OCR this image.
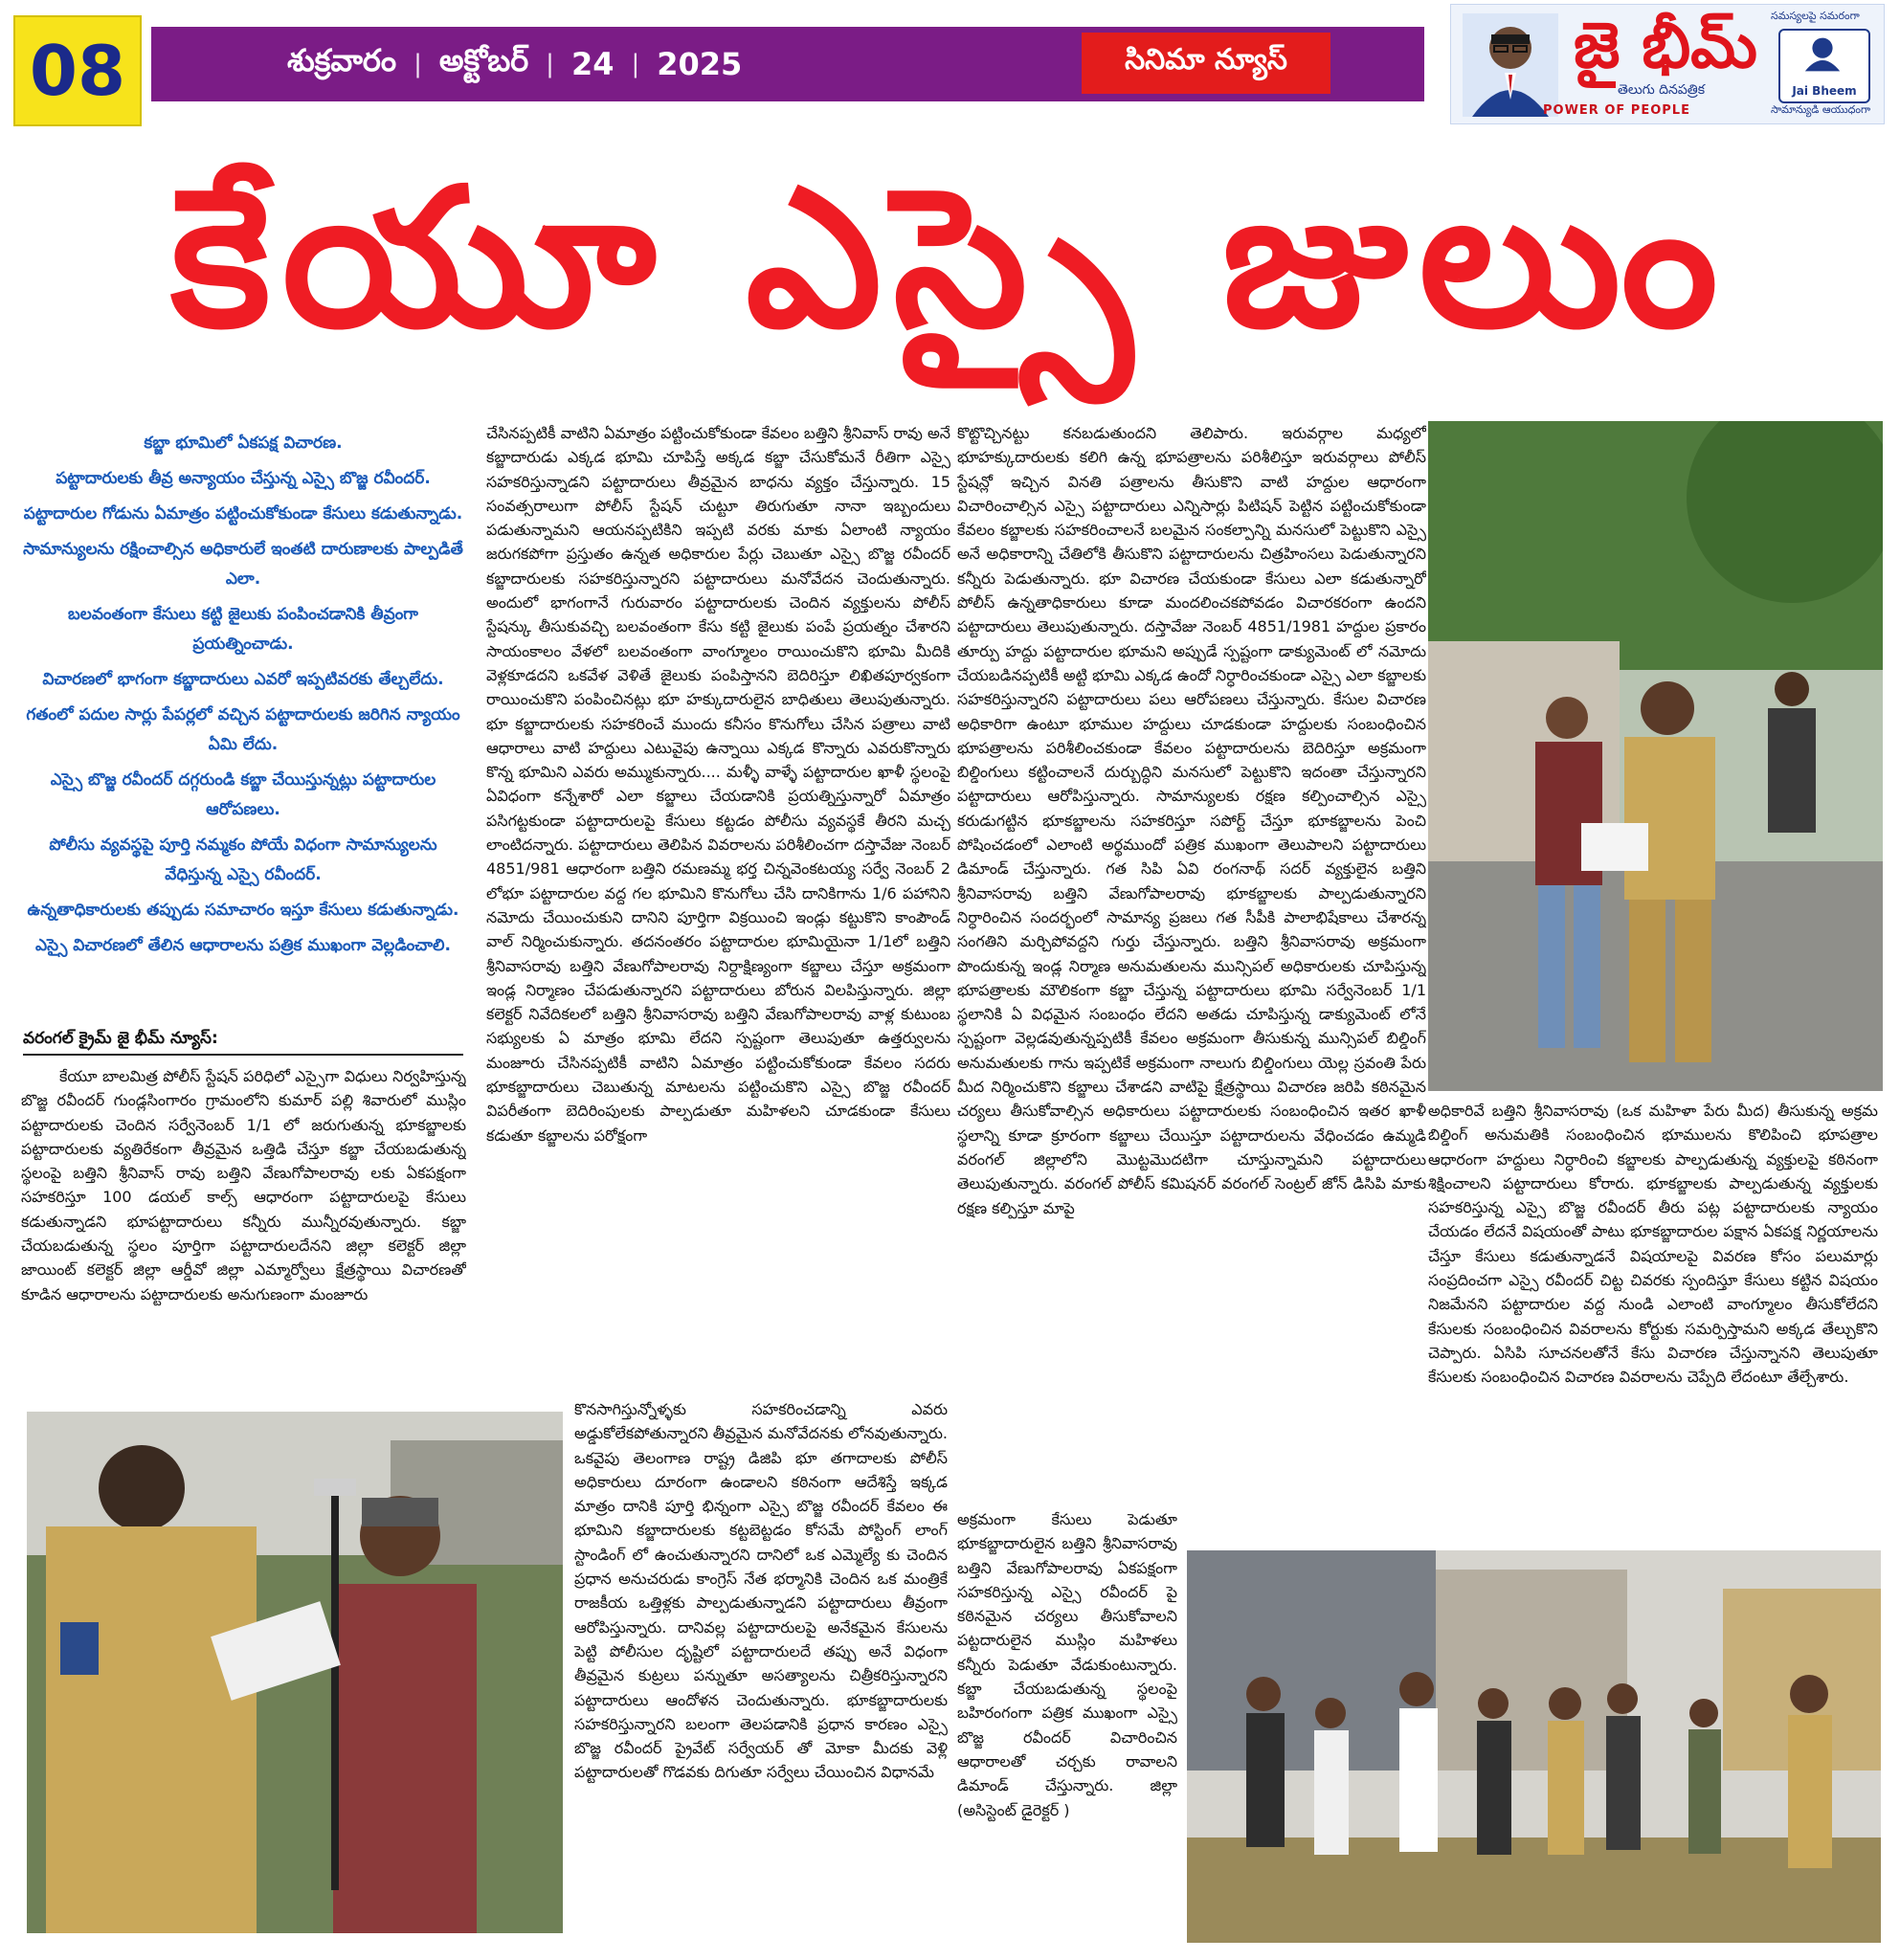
08	శుక్రవారం | అక్టోబర్ | 24 | 2025	సినిమా న్యూస్	జై భీమ్
తెలుగు దినపత్రిక
POWER OF PEOPLE
సమస్యలపై సమరంగా
సామాన్యుడి ఆయుధంగా
Jai Bheem
కేయూ ఎస్సై జులుం

కబ్జా భూమిలో ఏకపక్ష విచారణ.

పట్టాదారులకు తీవ్ర అన్యాయం చేస్తున్న ఎస్సై బొజ్జ రవీందర్.

పట్టాదారుల గోడును ఏమాత్రం పట్టించుకోకుండా కేసులు కడుతున్నాడు.

సామాన్యులను రక్షించాల్సిన అధికారులే ఇంతటి దారుణాలకు పాల్పడితే ఎలా.

బలవంతంగా కేసులు కట్టి జైలుకు పంపించడానికి తీవ్రంగా ప్రయత్నించాడు.

విచారణలో భాగంగా కబ్జాదారులు ఎవరో ఇప్పటివరకు తేల్చలేదు.

గతంలో పదుల సార్లు పేపర్లలో వచ్చిన పట్టాదారులకు జరిగిన న్యాయం ఏమి లేదు.

ఎస్సై బొజ్జ రవీందర్ దగ్గరుండి కబ్జా చేయిస్తున్నట్లు పట్టాదారుల ఆరోపణలు.

పోలీసు వ్యవస్థపై పూర్తి నమ్మకం పోయే విధంగా సామాన్యులను వేధిస్తున్న ఎస్సై రవీందర్.

ఉన్నతాధికారులకు తప్పుడు సమాచారం ఇస్తూ కేసులు కడుతున్నాడు.

ఎస్సై విచారణలో తేలిన ఆధారాలను పత్రిక ముఖంగా వెల్లడించాలి.

వరంగల్ క్రైమ్ జై భీమ్ న్యూస్:
కేయూ బాలమిత్ర పోలీస్ స్టేషన్ పరిధిలో ఎస్సైగా విధులు నిర్వహిస్తున్న బొజ్జ రవీందర్ గుండ్లసింగారం గ్రామంలోని కుమార్ పల్లి శివారులో ముస్లిం పట్టాదారులకు చెందిన సర్వేనెంబర్ 1/1 లో జరుగుతున్న భూకబ్జాలకు పట్టాదారులకు వ్యతిరేకంగా తీవ్రమైన ఒత్తిడి చేస్తూ కబ్జా చేయబడుతున్న స్థలంపై బత్తిని శ్రీనివాస్ రావు బత్తిని వేణుగోపాలరావు లకు ఏకపక్షంగా సహకరిస్తూ 100 డయల్ కాల్స్ ఆధారంగా పట్టాదారులపై కేసులు కడుతున్నాడని భూపట్టాదారులు కన్నీరు మున్నీరవుతున్నారు. కబ్జా చేయబడుతున్న స్థలం పూర్తిగా పట్టాదారులదేనని జిల్లా కలెక్టర్ జిల్లా జాయింట్ కలెక్టర్ జిల్లా ఆర్డీవో జిల్లా ఎమ్మార్వోలు క్షేత్రస్థాయి విచారణతో కూడిన ఆధారాలను పట్టాదారులకు అనుగుణంగా మంజూరు
చేసినప్పటికీ వాటిని ఏమాత్రం పట్టించుకోకుండా కేవలం బత్తిని శ్రీనివాస్ రావు అనే కబ్జాదారుడు ఎక్కడ భూమి చూపిస్తే అక్కడ కబ్జా చేసుకోమనే రీతిగా ఎస్సై సహకరిస్తున్నాడని పట్టాదారులు తీవ్రమైన బాధను వ్యక్తం చేస్తున్నారు. 15 సంవత్సరాలుగా పోలీస్ స్టేషన్ చుట్టూ తిరుగుతూ నానా ఇబ్బందులు పడుతున్నామని ఆయనప్పటికిని ఇప్పటి వరకు మాకు ఏలాంటి న్యాయం జరుగకపోగా ప్రస్తుతం ఉన్నత అధికారుల పేర్లు చెబుతూ ఎస్సై బొజ్జ రవీందర్ కబ్జాదారులకు సహకరిస్తున్నారని పట్టాదారులు మనోవేదన చెందుతున్నారు. అందులో భాగంగానే గురువారం పట్టాదారులకు చెందిన వ్యక్తులను పోలీస్ స్టేషన్కు తీసుకువచ్చి బలవంతంగా కేసు కట్టి జైలుకు పంపే ప్రయత్నం చేశారని సాయంకాలం వేళలో బలవంతంగా వాంగ్మూలం రాయించుకొని భూమి మీదికి వెళ్లకూడదని ఒకవేళ వెళితే జైలుకు పంపిస్తానని బెదిరిస్తూ లిఖితపూర్వకంగా రాయించుకొని పంపించినట్లు భూ హక్కుదారులైన బాధితులు తెలుపుతున్నారు. భూ కబ్జాదారులకు సహకరించే ముందు కనీసం కొనుగోలు చేసిన పత్రాలు వాటి ఆధారాలు వాటి హద్దులు ఎటువైపు ఉన్నాయి ఎక్కడ కొన్నారు ఎవరుకొన్నారు కొన్న భూమిని ఎవరు అమ్ముకున్నారు.... మళ్ళీ వాళ్ళే పట్టాదారుల ఖాళీ స్థలంపై ఏవిధంగా కన్నేశారో ఎలా కబ్జాలు చేయడానికి ప్రయత్నిస్తున్నారో ఏమాత్రం పసిగట్టకుండా పట్టాదారులపై కేసులు కట్టడం పోలీసు వ్యవస్థకే తీరని మచ్చ లాంటిదన్నారు. పట్టాదారులు తెలిపిన వివరాలను పరిశీలించగా దస్తావేజు నెంబర్ 4851/981 ఆధారంగా బత్తిని రమణమ్మ భర్త చిన్నవెంకటయ్య సర్వే నెంబర్ 2 లోభూ పట్టాదారుల వద్ద గల భూమిని కొనుగోలు చేసి దానికిగాను 1/6 పహానిని నమోదు చేయించుకుని దానిని పూర్తిగా విక్రయించి ఇండ్లు కట్టుకొని కాంపౌండ్ వాల్ నిర్మించుకున్నారు. తదనంతరం పట్టాదారుల భూమియైనా 1/1లో బత్తిని శ్రీనివాసరావు బత్తిని వేణుగోపాలరావు నిర్దాక్షిణ్యంగా కబ్జాలు చేస్తూ అక్రమంగా ఇండ్ల నిర్మాణం చేపడుతున్నారని పట్టాదారులు బోరున విలపిస్తున్నారు. జిల్లా కలెక్టర్ నివేదికలలో బత్తిని శ్రీనివాసరావు బత్తిని వేణుగోపాలరావు వాళ్ల కుటుంబ సభ్యులకు ఏ మాత్రం భూమి లేదని స్పష్టంగా తెలుపుతూ ఉత్తర్వులను మంజూరు చేసినప్పటికీ వాటిని ఏమాత్రం పట్టించుకోకుండా కేవలం సదరు భూకబ్జాదారులు చెబుతున్న మాటలను పట్టించుకొని ఎస్సై బొజ్జ రవీందర్ విపరీతంగా బెదిరింపులకు పాల్పడుతూ మహిళలని చూడకుండా కేసులు కడుతూ కబ్జాలను పరోక్షంగా
కొనసాగిస్తున్నోళ్ళకు సహకరించడాన్ని ఎవరు అడ్డుకోలేకపోతున్నారని తీవ్రమైన మనోవేదనకు లోనవుతున్నారు. ఒకవైపు తెలంగాణ రాష్ట్ర డిజిపి భూ తగాదాలకు పోలీస్ అధికారులు దూరంగా ఉండాలని కఠినంగా ఆదేశిస్తే ఇక్కడ మాత్రం దానికి పూర్తి భిన్నంగా ఎస్సై బొజ్జ రవీందర్ కేవలం ఈ భూమిని కబ్జాదారులకు కట్టబెట్టడం కోసమే పోస్టింగ్ లాంగ్ స్టాండింగ్ లో ఉంచుతున్నారని దానిలో ఒక ఎమ్మెల్యే కు చెందిన ప్రధాన అనుచరుడు కాంగ్రెస్ నేత భర్మానికి చెందిన ఒక మంత్రికే రాజకీయ ఒత్తిళ్లకు పాల్పడుతున్నాడని పట్టాదారులు తీవ్రంగా ఆరోపిస్తున్నారు. దానివల్ల పట్టాదారులపై అనేకమైన కేసులను పెట్టి పోలీసుల దృష్టిలో పట్టాదారులదే తప్పు అనే విధంగా తీవ్రమైన కుట్రలు పన్నుతూ అసత్యాలను చిత్రీకరిస్తున్నారని పట్టాదారులు ఆందోళన చెందుతున్నారు. భూకబ్జాదారులకు సహకరిస్తున్నారని బలంగా తెలపడానికి ప్రధాన కారణం ఎస్సై బొజ్జ రవీందర్ ప్రైవేట్ సర్వేయర్ తో మోకా మీదకు వెళ్లి పట్టాదారులతో గొడవకు దిగుతూ సర్వేలు చేయించిన విధానమే
కొట్టొచ్చినట్టు కనబడుతుందని తెలిపారు. ఇరువర్గాల మధ్యలో భూహక్కుదారులకు కలిగి ఉన్న భూపత్రాలను పరిశీలిస్తూ ఇరువర్గాలు పోలీస్ స్టేషన్లో ఇచ్చిన వినతి పత్రాలను తీసుకొని వాటి హద్దుల ఆధారంగా విచారించాల్సిన ఎస్సై పట్టాదారులు ఎన్నిసార్లు పిటిషన్ పెట్టిన పట్టించుకోకుండా కేవలం కబ్జాలకు సహకరించాలనే బలమైన సంకల్పాన్ని మనసులో పెట్టుకొని ఎస్సై అనే అధికారాన్ని చేతిలోకి తీసుకొని పట్టాదారులను చిత్రహింసలు పెడుతున్నారని కన్నీరు పెడుతున్నారు. భూ విచారణ చేయకుండా కేసులు ఎలా కడుతున్నారో పోలీస్ ఉన్నతాధికారులు కూడా మందలించకపోవడం విచారకరంగా ఉందని పట్టాదారులు తెలుపుతున్నారు. దస్తావేజు నెంబర్ 4851/1981 హద్దుల ప్రకారం తూర్పు హద్దు పట్టాదారుల భూమని అప్పుడే స్పష్టంగా డాక్యుమెంట్ లో నమోదు చేయబడినప్పటికీ అట్టి భూమి ఎక్కడ ఉందో నిర్ధారించకుండా ఎస్సై ఎలా కబ్జాలకు సహకరిస్తున్నారని పట్టాదారులు పలు ఆరోపణలు చేస్తున్నారు. కేసుల విచారణ అధికారిగా ఉంటూ భూముల హద్దులు చూడకుండా హద్దులకు సంబంధించిన భూపత్రాలను పరిశీలించకుండా కేవలం పట్టాదారులను బెదిరిస్తూ అక్రమంగా బిల్డింగులు కట్టించాలనే దుర్బుద్ధిని మనసులో పెట్టుకొని ఇదంతా చేస్తున్నారని పట్టాదారులు ఆరోపిస్తున్నారు. సామాన్యులకు రక్షణ కల్పించాల్సిన ఎస్సై కరుడుగట్టిన భూకబ్జాలను సహకరిస్తూ సపోర్ట్ చేస్తూ భూకబ్జాలను పెంచి పోషించడంలో ఎలాంటి అర్థముందో పత్రిక ముఖంగా తెలుపాలని పట్టాదారులు డిమాండ్ చేస్తున్నారు. గత సిపి ఏవి రంగనాథ్ సదర్ వ్యక్తులైన బత్తిని శ్రీనివాసరావు బత్తిని వేణుగోపాలరావు భూకబ్జాలకు పాల్పడుతున్నారని నిర్ధారించిన సందర్భంలో సామాన్య ప్రజలు గత సీపీకి పాలాభిషేకాలు చేశారన్న సంగతిని మర్చిపోవద్దని గుర్తు చేస్తున్నారు. బత్తిని శ్రీనివాసరావు అక్రమంగా పొందుకున్న ఇండ్ల నిర్మాణ అనుమతులను మున్సిపల్ అధికారులకు చూపిస్తున్న భూపత్రాలకు మౌలికంగా కబ్జా చేస్తున్న పట్టాదారులు భూమి సర్వేనెంబర్ 1/1 స్థలానికి ఏ విధమైన సంబంధం లేదని అతడు చూపిస్తున్న డాక్యుమెంట్ లోనే స్పష్టంగా వెల్లడవుతున్నప్పటికీ కేవలం అక్రమంగా తీసుకున్న మున్సిపల్ బిల్డింగ్ అనుమతులకు గాను ఇప్పటికే అక్రమంగా నాలుగు బిల్డింగులు యెల్ల స్రవంతి పేరు మీద నిర్మించుకొని కబ్జాలు చేశాడని వాటిపై క్షేత్రస్థాయి విచారణ జరిపి కఠినమైన చర్యలు తీసుకోవాల్సిన అధికారులు పట్టాదారులకు సంబంధించిన ఇతర ఖాళీ స్థలాన్ని కూడా క్రూరంగా కబ్జాలు చేయిస్తూ పట్టాదారులను వేధించడం ఉమ్మడి వరంగల్ జిల్లాలోని మొట్టమొదటిగా చూస్తున్నామని పట్టాదారులు తెలుపుతున్నారు. వరంగల్ పోలీస్ కమిషనర్ వరంగల్ సెంట్రల్ జోన్ డిసిపి మాకు రక్షణ కల్పిస్తూ మాపై
అక్రమంగా కేసులు పెడుతూ భూకబ్జాదారులైన బత్తిని శ్రీనివాసరావు బత్తిని వేణుగోపాలరావు ఏకపక్షంగా సహకరిస్తున్న ఎస్సై రవీందర్ పై కఠినమైన చర్యలు తీసుకోవాలని పట్టదారులైన ముస్లిం మహిళలు కన్నీరు పెడుతూ వేడుకుంటున్నారు. కబ్జా చేయబడుతున్న స్థలంపై బహిరంగంగా పత్రిక ముఖంగా ఎస్సై బొజ్జ రవీందర్ విచారించిన ఆధారాలతో చర్చకు రావాలని డిమాండ్ చేస్తున్నారు. జిల్లా (అసిస్టెంట్ డైరెక్టర్ )
అధికారివే బత్తిని శ్రీనివాసరావు (ఒక మహిళా పేరు మీద) తీసుకున్న అక్రమ బిల్డింగ్ అనుమతికి సంబంధించిన భూములను కొలిపించి భూపత్రాల ఆధారంగా హద్దులు నిర్ధారించి కబ్జాలకు పాల్పడుతున్న వ్యక్తులపై కఠినంగా శిక్షించాలని పట్టాదారులు కోరారు. భూకబ్జాలకు పాల్పడుతున్న వ్యక్తులకు సహకరిస్తున్న ఎస్సై బొజ్జ రవీందర్ తీరు పట్ల పట్టాదారులకు న్యాయం చేయడం లేదనే విషయంతో పాటు భూకబ్జాదారుల పక్షాన ఏకపక్ష నిర్ణయాలను చేస్తూ కేసులు కడుతున్నాడనే విషయాలపై వివరణ కోసం పలుమార్లు సంప్రదించగా ఎస్సై రవీందర్ చిట్ట చివరకు స్పందిస్తూ కేసులు కట్టిన విషయం నిజమేనని పట్టాదారుల వద్ద నుండి ఎలాంటి వాంగ్మూలం తీసుకోలేదని కేసులకు సంబంధించిన వివరాలను కోర్టుకు సమర్పిస్తామని అక్కడ తేల్చుకొని చెప్పారు. ఏసిపి సూచనలతోనే కేసు విచారణ చేస్తున్నానని తెలుపుతూ కేసులకు సంబంధించిన విచారణ వివరాలను చెప్పేది లేదంటూ తేల్చేశారు.
